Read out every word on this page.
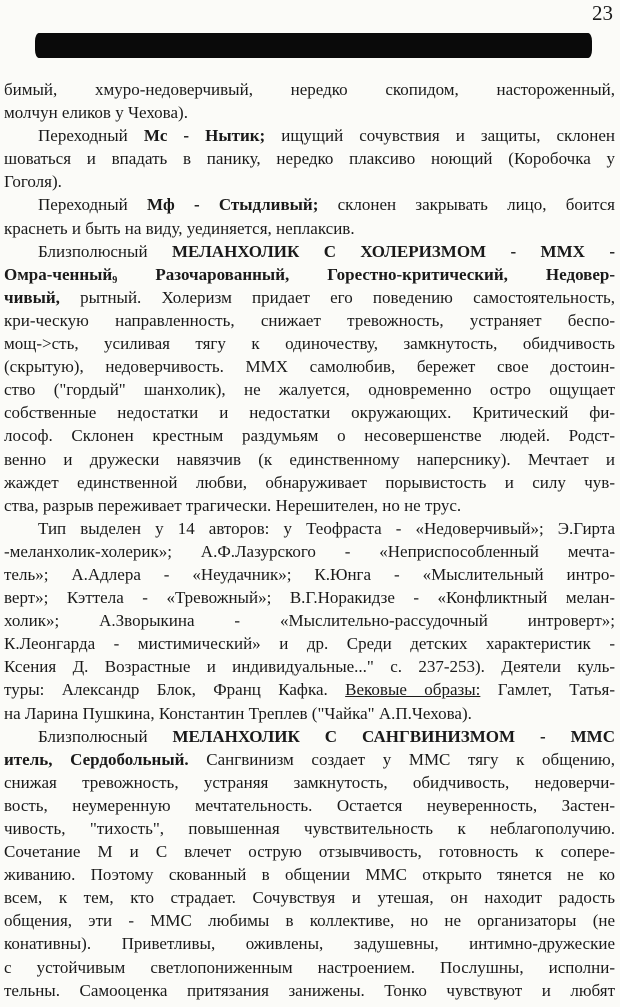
23
бимый, хмуро-недоверчивый, нередко скопидом, настороженный,
молчун еликов у Чехова).
Переходный Мс - Нытик; ищущий сочувствия и защиты, склонен
шоваться и впадать в панику, нередко плаксиво ноющий (Коробочка у
Гоголя).
Переходный Мф - Стыдливый; склонен закрывать лицо, боится
краснеть и быть на виду, уединяется, неплаксив.
Близполюсный МЕЛАНХОЛИК С ХОЛЕРИЗМОМ - ММХ -
Омра-ченный9 Разочарованный, Горестно-критический, Недовер-
чивый, рытный. Холеризм придает его поведению самостоятельность,
кри-ческую направленность, снижает тревожность, устраняет беспо-
мощ->сть, усиливая тягу к одиночеству, замкнутость, обидчивость
(скрытую), недоверчивость. ММХ самолюбив, бережет свое достоин-
ство ("гордый" шанхолик), не жалуется, одновременно остро ощущает
собственные недостатки и недостатки окружающих. Критический фи-
лософ. Склонен крестным раздумьям о несовершенстве людей. Родст-
венно и дружески навязчив (к единственному наперснику). Мечтает и
жаждет единственной любви, обнаруживает порывистость и силу чув-
ства, разрыв переживает трагически. Нерешителен, но не трус.
Тип выделен у 14 авторов: у Теофраста - «Недоверчивый»; Э.Гирта
-меланхолик-холерик»; А.Ф.Лазурского - «Неприспособленный мечта-
тель»; А.Адлера - «Неудачник»; К.Юнга - «Мыслительный интро-
верт»; Кэттела - «Тревожный»; В.Г.Норакидзе - «Конфликтный мелан-
холик»; А.Зворыкина - «Мыслительно-рассудочный интроверт»;
К.Леонгарда - мистимический» и др. Среди детских характеристик -
Ксения Д. Возрастные и индивидуальные..." с. 237-253). Деятели куль-
туры: Александр Блок, Франц Кафка. Вековые образы: Гамлет, Татья-
на Ларина Пушкина, Константин Треплев ("Чайка" А.П.Чехова).
Близполюсный МЕЛАНХОЛИК С САНГВИНИЗМОМ - ММС
итель, Сердобольный. Сангвинизм создает у ММС тягу к общению,
снижая тревожность, устраняя замкнутость, обидчивость, недоверчи-
вость, неумеренную мечтательность. Остается неуверенность, Застен-
чивость, "тихость", повышенная чувствительность к неблагополучию.
Сочетание М и С влечет острую отзывчивость, готовность к сопере-
живанию. Поэтому скованный в общении ММС открыто тянется не ко
всем, к тем, кто страдает. Сочувствуя и утешая, он находит радость
общения, эти - ММС любимы в коллективе, но не организаторы (не
конативны). Приветливы, оживлены, задушевны, интимно-дружеские
с устойчивым светлопониженным настроением. Послушны, исполни-
тельны. Самооценка притязания занижены. Тонко чувствуют и любят
